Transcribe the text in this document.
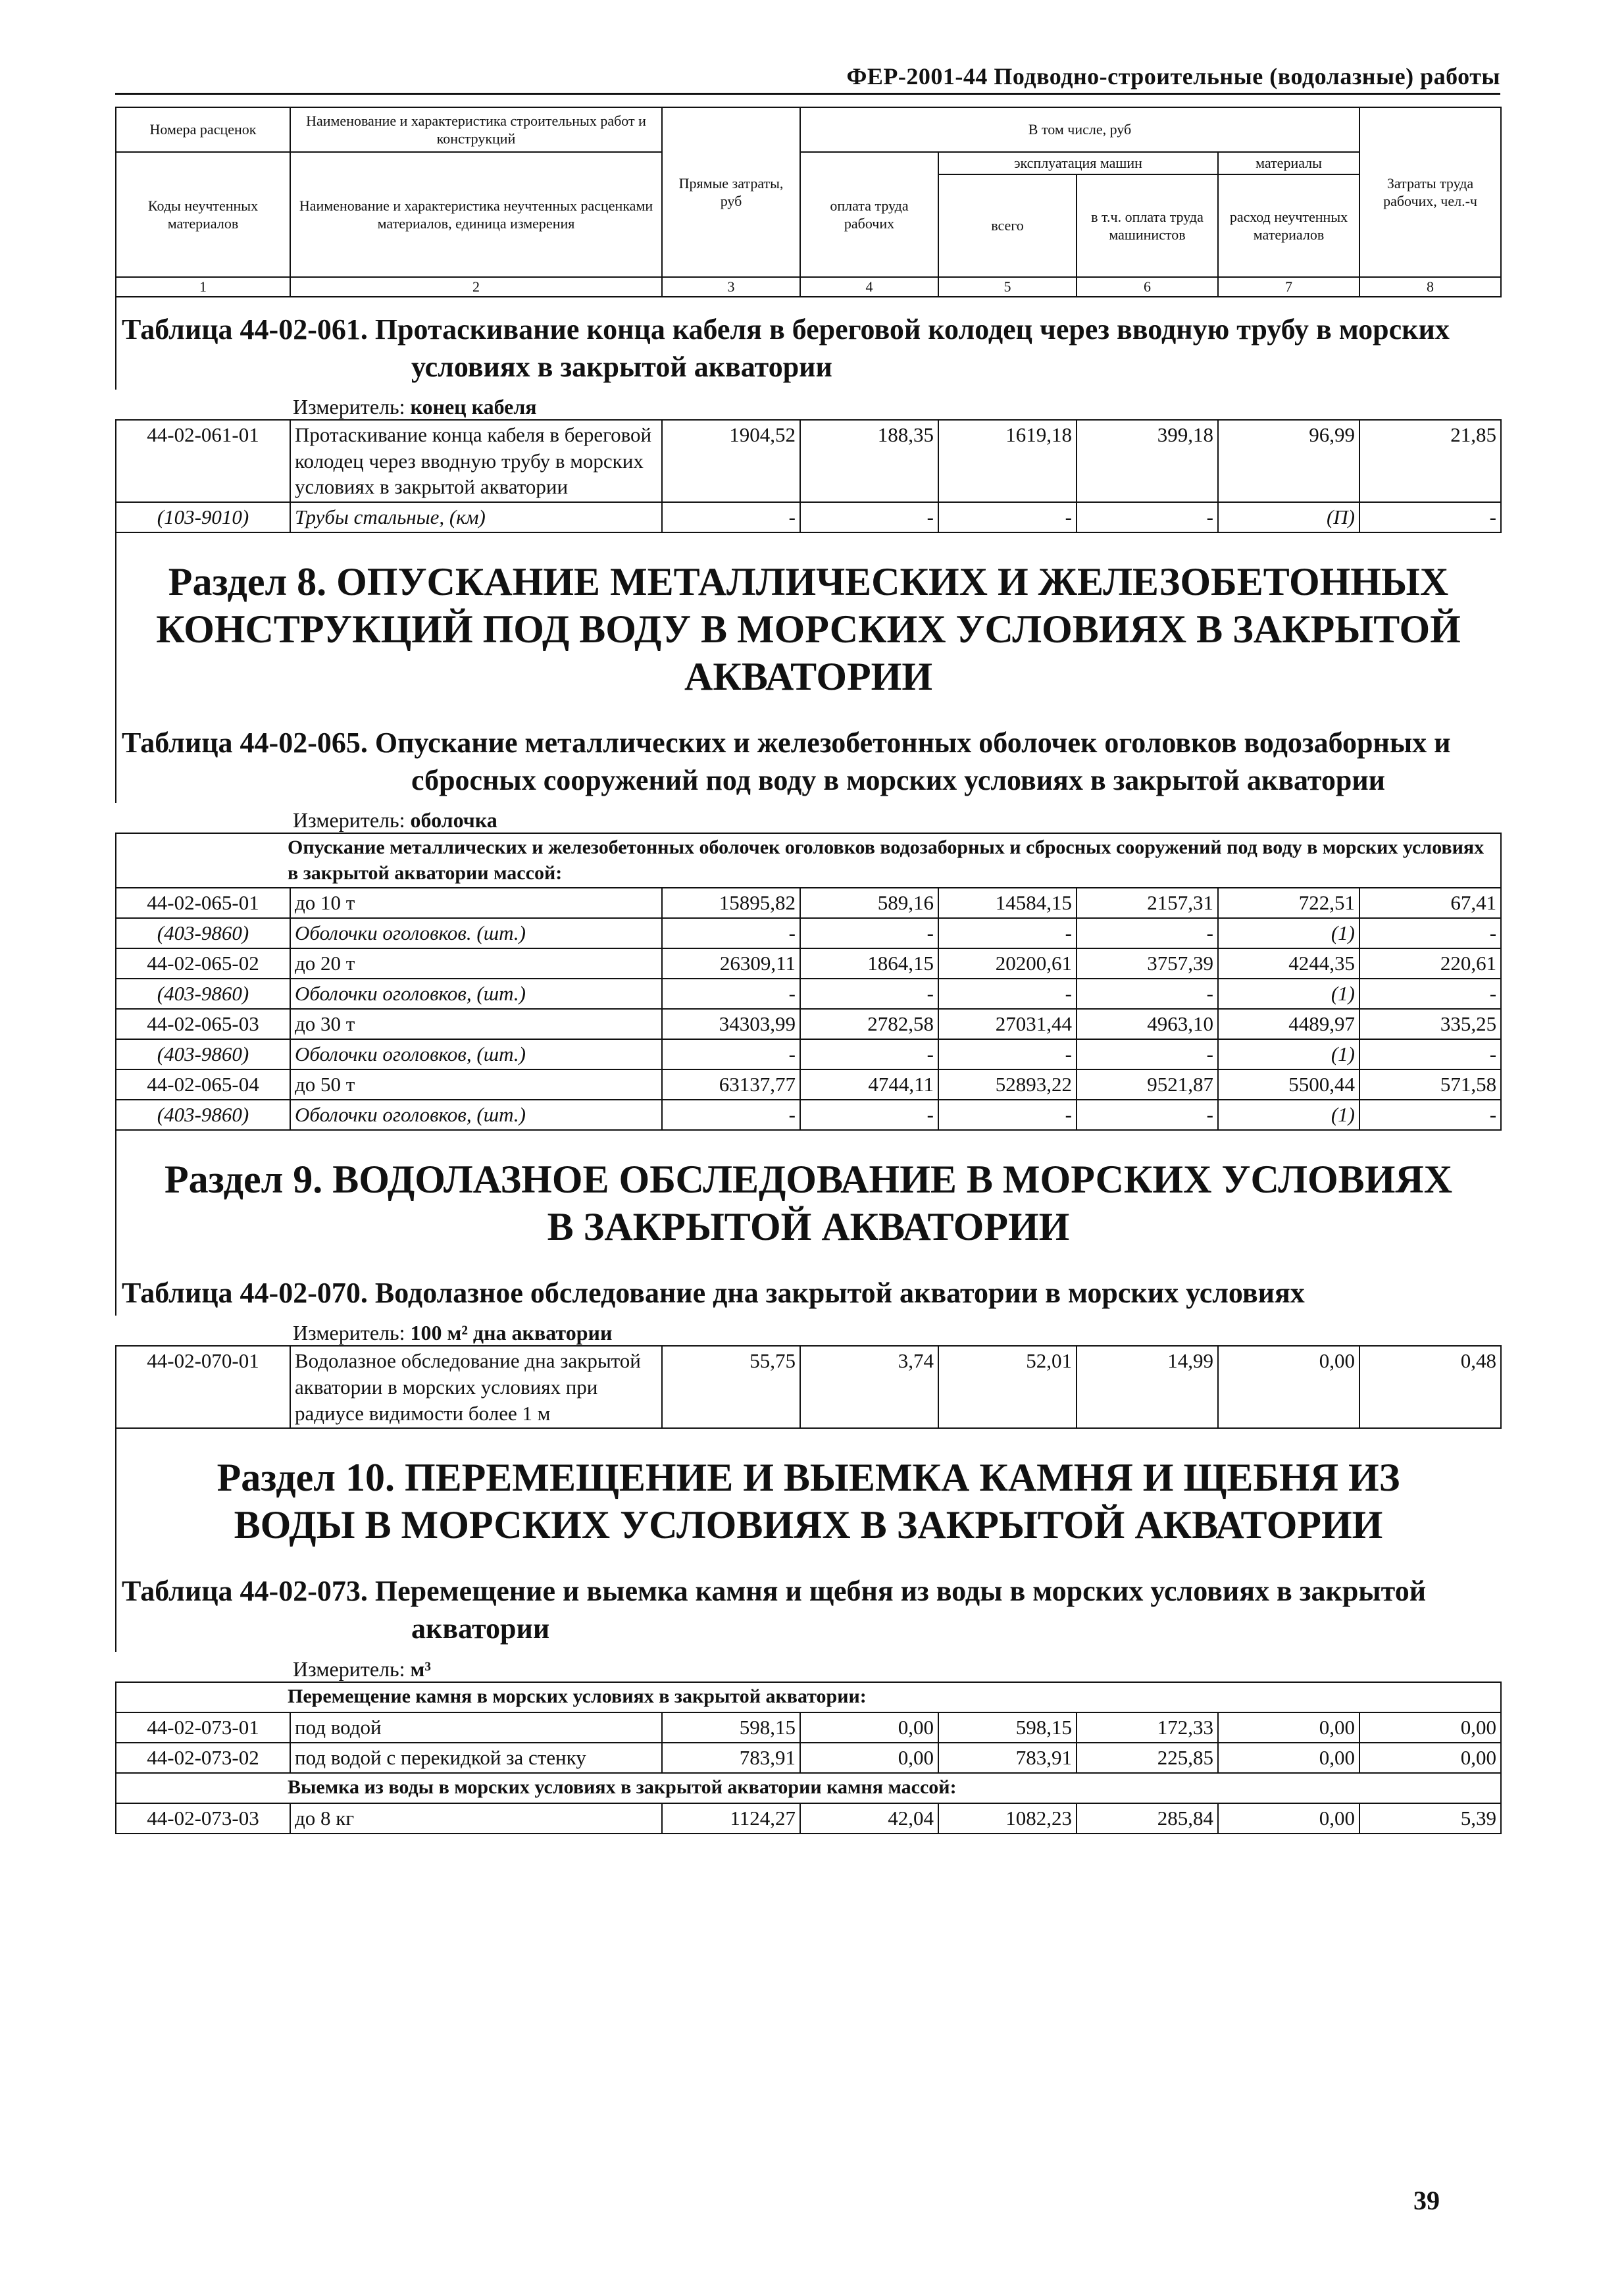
ФЕР-2001-44 Подводно-строительные (водолазные) работы
Номера расценок	Наименование и характеристика строительных работ и конструкций	Прямые затраты, руб	В том числе, руб				Затраты труда рабочих, чел.-ч
Коды неучтенных материалов	Наименование и характеристика неучтенных расценками материалов, единица измерения		оплата труда рабочих	эксплуатация машин		материалы	
				всего	в т.ч. оплата труда машинистов	расход неучтенных материалов	
1	2	3	4	5	6	7	8
Таблица 44-02-061. Протаскивание конца кабеля в береговой колодец через вводную трубу в морских условиях в закрытой акватории
Измеритель: конец кабеля
44-02-061-01	Протаскивание конца кабеля в береговой колодец через вводную трубу в морских условиях в закрытой акватории	1904,52	188,35	1619,18	399,18	96,99	21,85
(103-9010)	Трубы стальные, (км)	-	-	-	-	(П)	-
Раздел 8. ОПУСКАНИЕ МЕТАЛЛИЧЕСКИХ И ЖЕЛЕЗОБЕТОННЫХ КОНСТРУКЦИЙ ПОД ВОДУ В МОРСКИХ УСЛОВИЯХ В ЗАКРЫТОЙ АКВАТОРИИ
Таблица 44-02-065. Опускание металлических и железобетонных оболочек оголовков водозаборных и сбросных сооружений под воду в морских условиях в закрытой акватории
Измеритель: оболочка
Опускание металлических и железобетонных оболочек оголовков водозаборных и сбросных сооружений под воду в морских условиях в закрытой акватории массой:							
44-02-065-01	до 10 т	15895,82	589,16	14584,15	2157,31	722,51	67,41
(403-9860)	Оболочки оголовков. (шт.)	-	-	-	-	(1)	-
44-02-065-02	до 20 т	26309,11	1864,15	20200,61	3757,39	4244,35	220,61
(403-9860)	Оболочки оголовков, (шт.)	-	-	-	-	(1)	-
44-02-065-03	до 30 т	34303,99	2782,58	27031,44	4963,10	4489,97	335,25
(403-9860)	Оболочки оголовков, (шт.)	-	-	-	-	(1)	-
44-02-065-04	до 50 т	63137,77	4744,11	52893,22	9521,87	5500,44	571,58
(403-9860)	Оболочки оголовков, (шт.)	-	-	-	-	(1)	-
Раздел 9. ВОДОЛАЗНОЕ ОБСЛЕДОВАНИЕ В МОРСКИХ УСЛОВИЯХ В ЗАКРЫТОЙ АКВАТОРИИ
Таблица 44-02-070. Водолазное обследование дна закрытой акватории в морских условиях
Измеритель: 100 м² дна акватории
44-02-070-01	Водолазное обследование дна закрытой акватории в морских условиях при радиусе видимости более 1 м	55,75	3,74	52,01	14,99	0,00	0,48
Раздел 10. ПЕРЕМЕЩЕНИЕ И ВЫЕМКА КАМНЯ И ЩЕБНЯ ИЗ ВОДЫ В МОРСКИХ УСЛОВИЯХ В ЗАКРЫТОЙ АКВАТОРИИ
Таблица 44-02-073. Перемещение и выемка камня и щебня из воды в морских условиях в закрытой акватории
Измеритель: м³
Перемещение камня в морских условиях в закрытой акватории:							
44-02-073-01	под водой	598,15	0,00	598,15	172,33	0,00	0,00
44-02-073-02	под водой с перекидкой за стенку	783,91	0,00	783,91	225,85	0,00	0,00
Выемка из воды в морских условиях в закрытой акватории камня массой:							
44-02-073-03	до 8 кг	1124,27	42,04	1082,23	285,84	0,00	5,39
39
